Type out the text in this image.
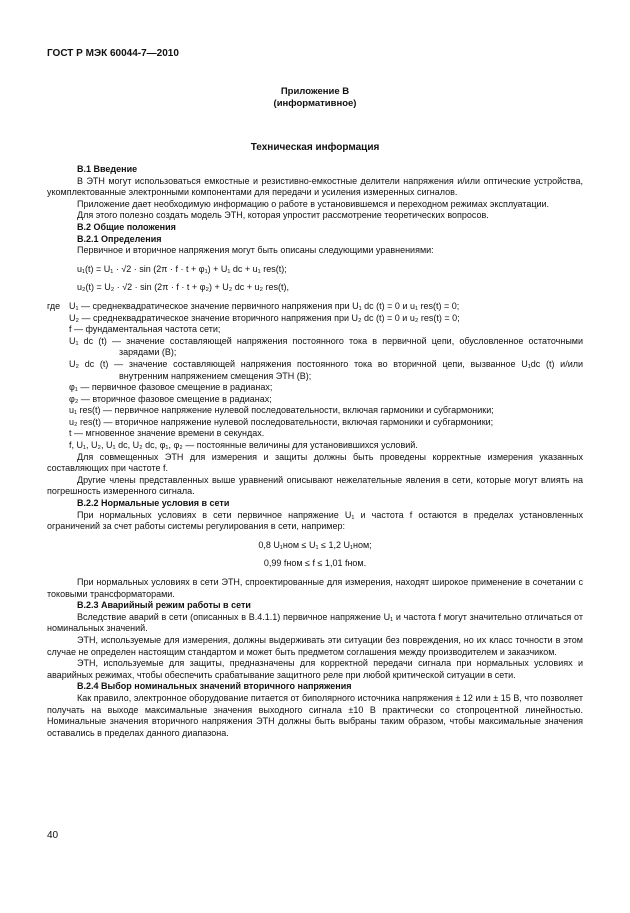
ГОСТ Р МЭК 60044-7—2010
Приложение B
(информативное)
Техническая информация

B.1 Введение

В ЭТН могут использоваться емкостные и резистивно-емкостные делители напряжения и/или оптические устройства, укомплектованные электронными компонентами для передачи и усиления измеренных сигналов.

Приложение дает необходимую информацию о работе в установившемся и переходном режимах эксплуатации.

Для этого полезно создать модель ЭТН, которая упростит рассмотрение теоретических вопросов.

B.2 Общие положения

B.2.1 Определения

Первичное и вторичное напряжения могут быть описаны следующими уравнениями:

u₁(t) = U₁ · √2 · sin (2π · f · t + φ₁) + U₁ dc + u₁ res(t);

u₂(t) = U₂ · √2 · sin (2π · f · t + φ₂) + U₂ dc + u₂ res(t),

где U₁ — среднеквадратическое значение первичного напряжения при U₁ dc (t) = 0 и u₁ res(t) = 0;

U₂ — среднеквадратическое значение вторичного напряжения при U₂ dc (t) = 0 и u₂ res(t) = 0;

f — фундаментальная частота сети;

U₁ dc (t) — значение составляющей напряжения постоянного тока в первичной цепи, обусловленное остаточными зарядами (B);

U₂ dc (t) — значение составляющей напряжения постоянного тока во вторичной цепи, вызванное U₁dc (t) и/или внутренним напряжением смещения ЭТН (B);

φ₁ — первичное фазовое смещение в радианах;

φ₂ — вторичное фазовое смещение в радианах;

u₁ res(t) — первичное напряжение нулевой последовательности, включая гармоники и субгармоники;

u₂ res(t) — вторичное напряжение нулевой последовательности, включая гармоники и субгармоники;

t — мгновенное значение времени в секундах.

f, U₁, U₂, U₁ dc, U₂ dc, φ₁, φ₂ — постоянные величины для установившихся условий.

Для совмещенных ЭТН для измерения и защиты должны быть проведены корректные измерения указанных составляющих при частоте f.

Другие члены представленных выше уравнений описывают нежелательные явления в сети, которые могут влиять на погрешность измеренного сигнала.

B.2.2 Нормальные условия в сети

При нормальных условиях в сети первичное напряжение U₁ и частота f остаются в пределах установленных ограничений за счет работы системы регулирования в сети, например:

0,8 U₁ном ≤ U₁ ≤ 1,2 U₁ном;

0,99 fном ≤ f ≤ 1,01 fном.

При нормальных условиях в сети ЭТН, спроектированные для измерения, находят широкое применение в сочетании с токовыми трансформаторами.

B.2.3 Аварийный режим работы в сети

Вследствие аварий в сети (описанных в B.4.1.1) первичное напряжение U₁ и частота f могут значительно отличаться от номинальных значений.

ЭТН, используемые для измерения, должны выдерживать эти ситуации без повреждения, но их класс точности в этом случае не определен настоящим стандартом и может быть предметом соглашения между производителем и заказчиком.

ЭТН, используемые для защиты, предназначены для корректной передачи сигнала при нормальных условиях и аварийных режимах, чтобы обеспечить срабатывание защитного реле при любой критической ситуации в сети.

B.2.4 Выбор номинальных значений вторичного напряжения

Как правило, электронное оборудование питается от биполярного источника напряжения ± 12 или ± 15 В, что позволяет получать на выходе максимальные значения выходного сигнала ±10 В практически со стопроцентной линейностью. Номинальные значения вторичного напряжения ЭТН должны быть выбраны таким образом, чтобы максимальные значения оставались в пределах данного диапазона.

40
